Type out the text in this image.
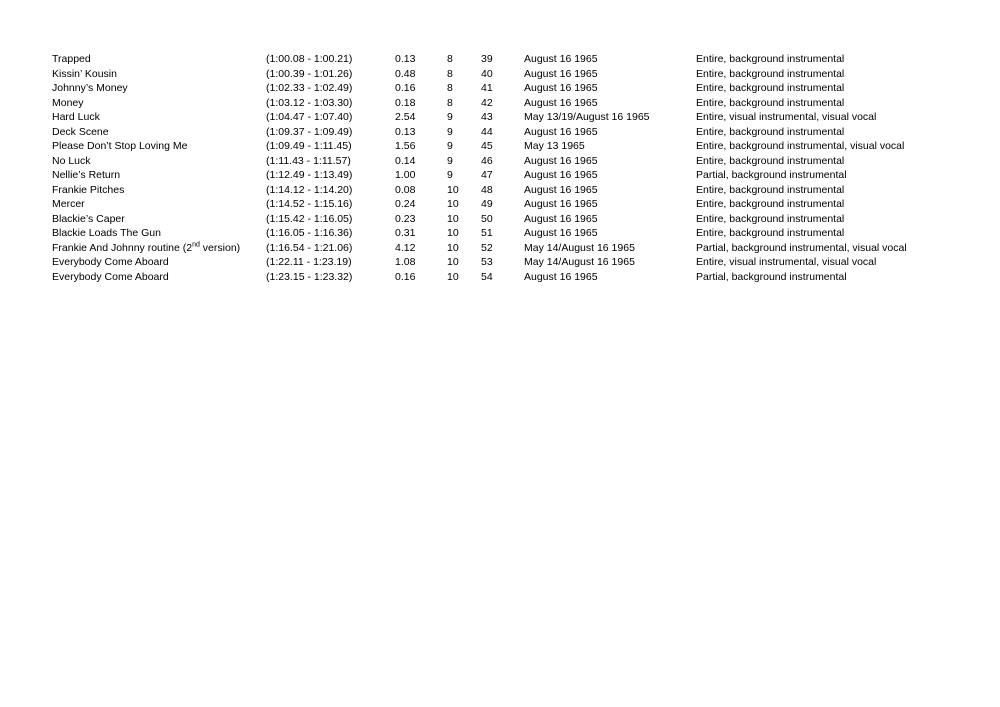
Trapped	(1:00.08 - 1:00.21)	0.13	8	39	August 16 1965	Entire, background instrumental
Kissin’ Kousin	(1:00.39 - 1:01.26)	0.48	8	40	August 16 1965	Entire, background instrumental
Johnny’s Money	(1:02.33 - 1:02.49)	0.16	8	41	August 16 1965	Entire, background instrumental
Money	(1:03.12 - 1:03.30)	0.18	8	42	August 16 1965	Entire, background instrumental
Hard Luck	(1:04.47 - 1:07.40)	2.54	9	43	May 13/19/August 16 1965	Entire, visual instrumental, visual vocal
Deck Scene	(1:09.37 - 1:09.49)	0.13	9	44	August 16 1965	Entire, background instrumental
Please Don’t Stop Loving Me	(1:09.49 - 1:11.45)	1.56	9	45	May 13 1965	Entire, background instrumental, visual vocal
No Luck	(1:11.43 - 1:11.57)	0.14	9	46	August 16 1965	Entire, background instrumental
Nellie’s Return	(1:12.49 - 1:13.49)	1.00	9	47	August 16 1965	Partial, background instrumental
Frankie Pitches	(1:14.12 - 1:14.20)	0.08	10	48	August 16 1965	Entire, background instrumental
Mercer	(1:14.52 - 1:15.16)	0.24	10	49	August 16 1965	Entire, background instrumental
Blackie’s Caper	(1:15.42 - 1:16.05)	0.23	10	50	August 16 1965	Entire, background instrumental
Blackie Loads The Gun	(1:16.05 - 1:16.36)	0.31	10	51	August 16 1965	Entire, background instrumental
Frankie And Johnny routine (2nd version)	(1:16.54 - 1:21.06)	4.12	10	52	May 14/August 16 1965	Partial, background instrumental, visual vocal
Everybody Come Aboard	(1:22.11 - 1:23.19)	1.08	10	53	May 14/August 16 1965	Entire, visual instrumental, visual vocal
Everybody Come Aboard	(1:23.15 - 1:23.32)	0.16	10	54	August 16 1965	Partial, background instrumental
